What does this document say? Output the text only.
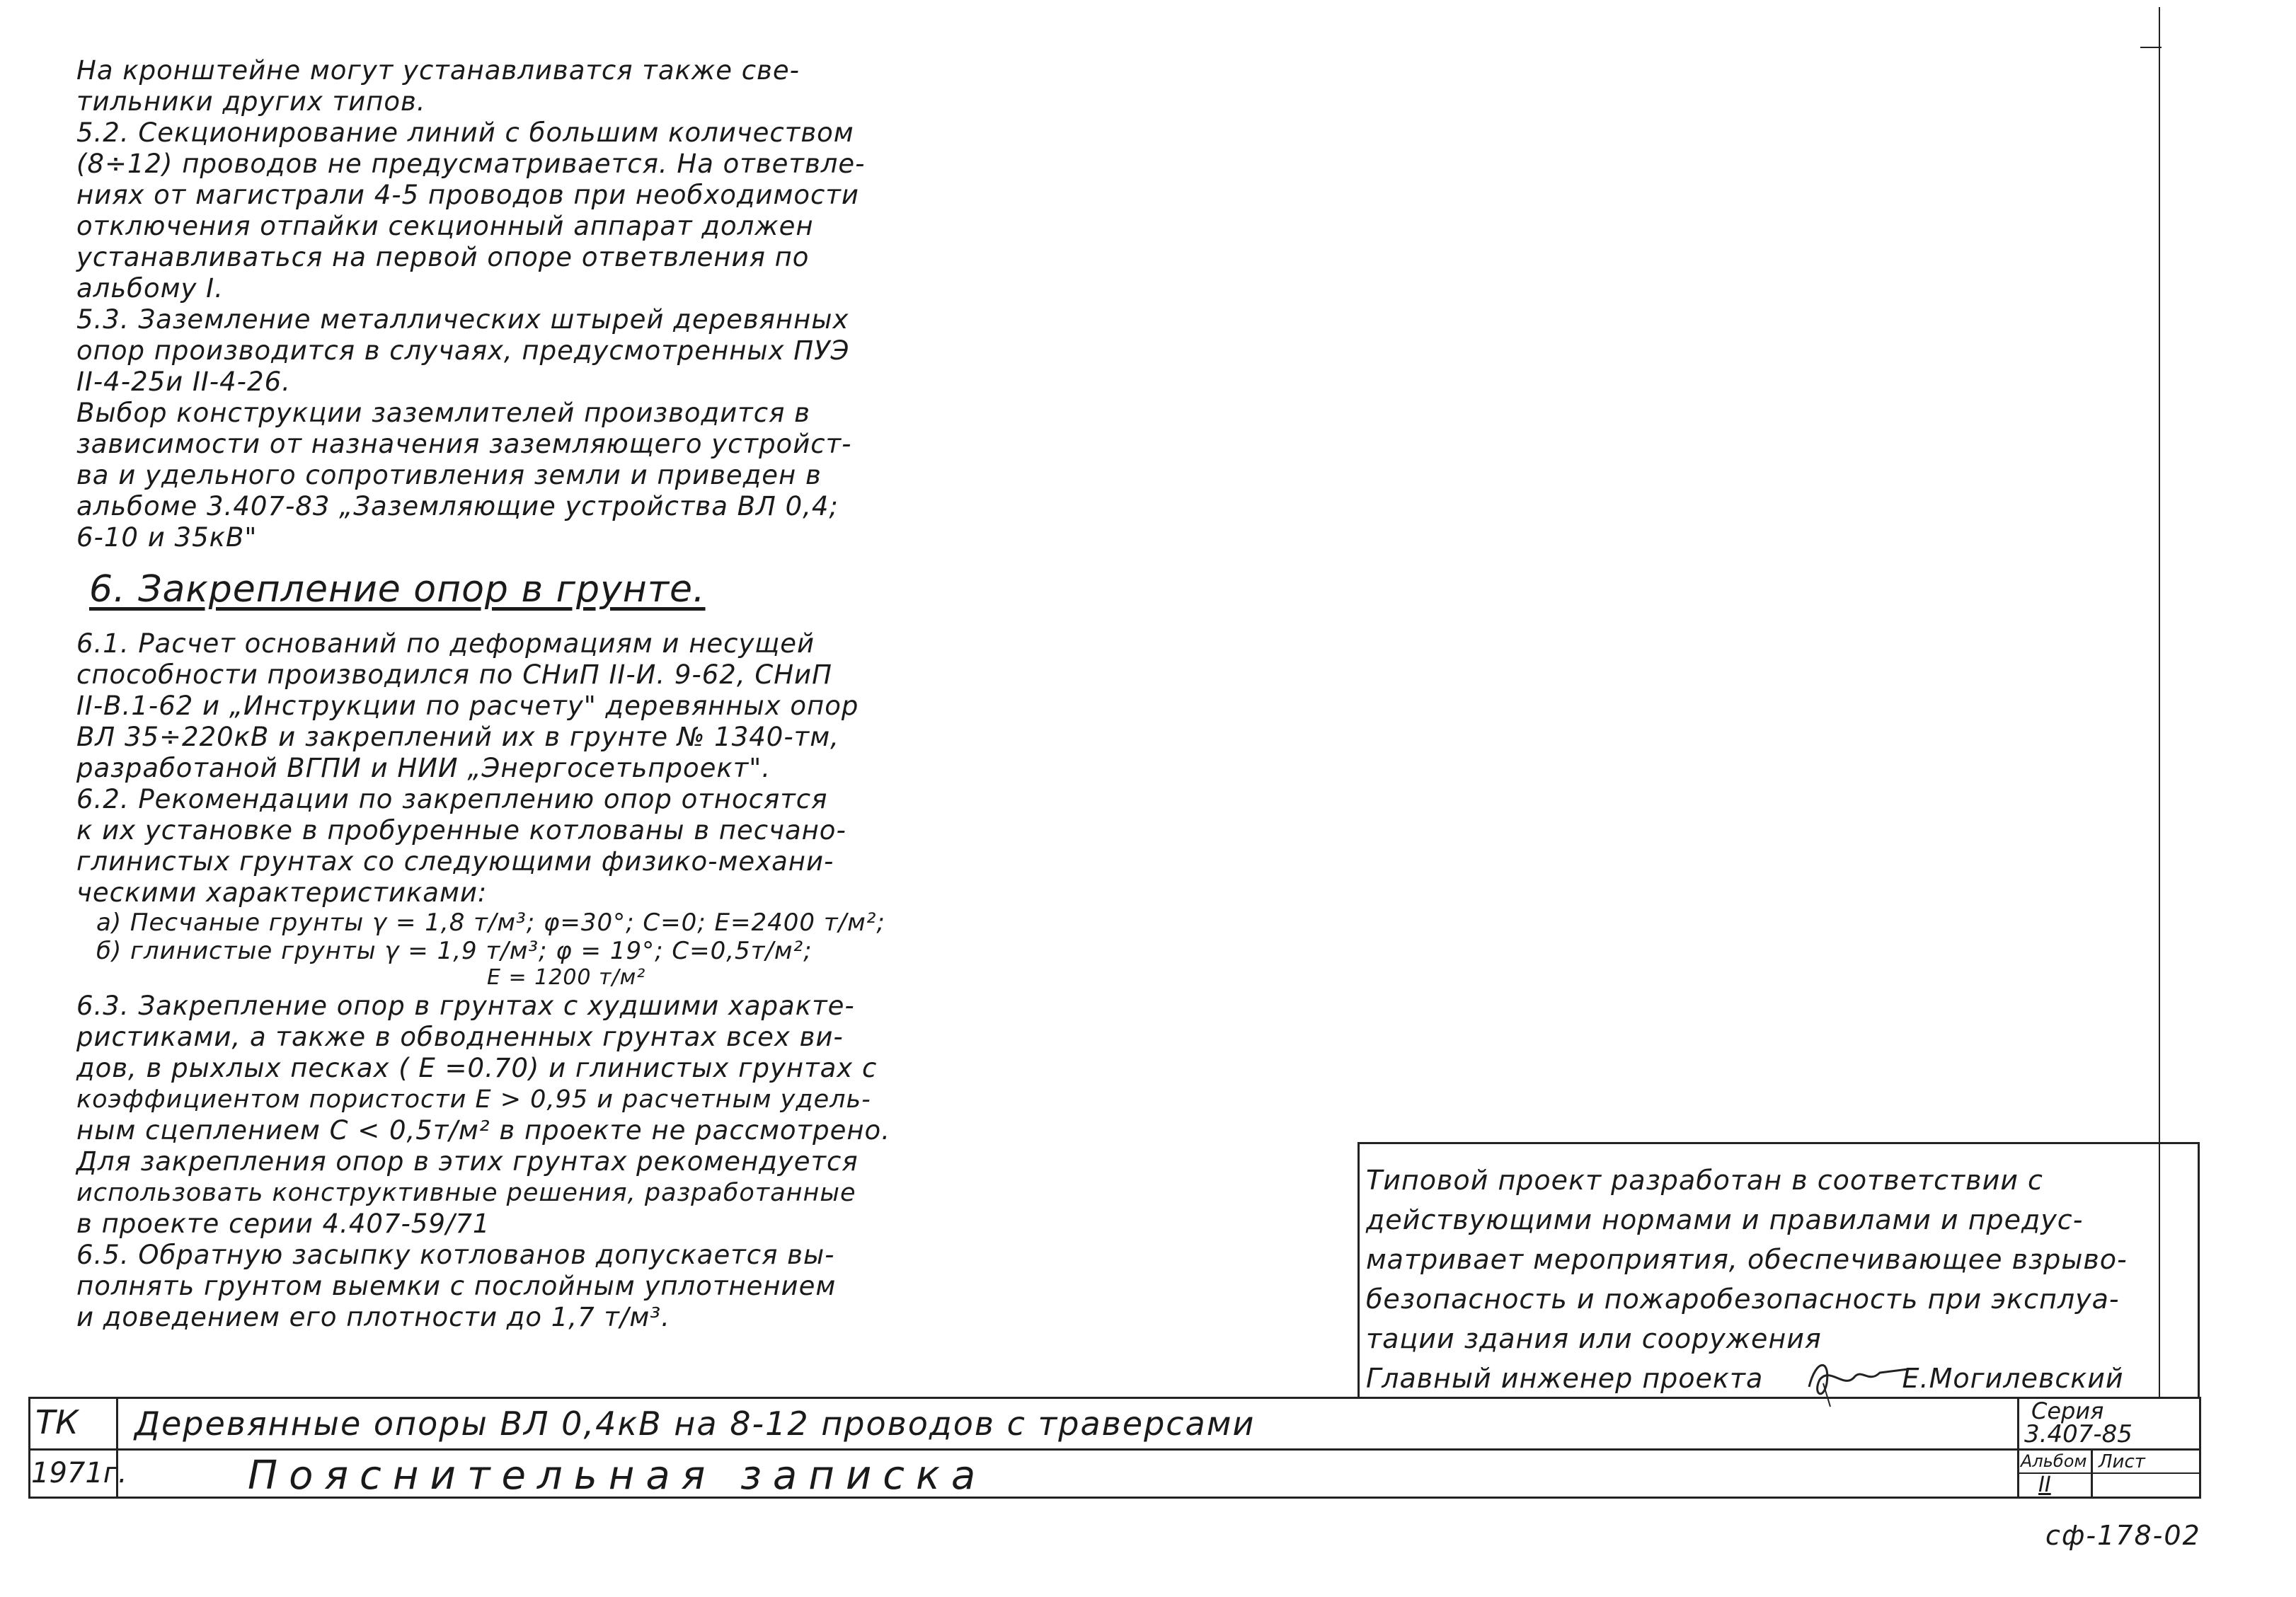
На кронштейне могут устанавливатся также све-
тильники других типов.
5.2. Секционирование линий с большим количеством
(8÷12) проводов не предусматривается. На ответвле-
ниях от магистрали 4-5 проводов при необходимости
отключения отпайки секционный аппарат должен
устанавливаться на первой опоре ответвления по
альбому I.
5.3. Заземление металлических штырей деревянных
опор производится в случаях, предусмотренных ПУЭ
II-4-25и II-4-26.
Выбор конструкции заземлителей производится в
зависимости от назначения заземляющего устройст-
ва и удельного сопротивления земли и приведен в
альбоме 3.407-83 „Заземляющие устройства ВЛ 0,4;
6-10 и 35кВ"
6. Закрепление опор в грунте.
6.1. Расчет оснований по деформациям и несущей
способности производился по СНиП II-И. 9-62, СНиП
II-В.1-62 и „Инструкции по расчету" деревянных опор
ВЛ 35÷220кВ и закреплений их в грунте № 1340-тм,
разработаной ВГПИ и НИИ „Энергосетьпроект".
6.2. Рекомендации по закреплению опор относятся
к их установке в пробуренные котлованы в песчано-
глинистых грунтах со следующими физико-механи-
ческими характеристиками:
а) Песчаные грунты γ = 1,8 т/м³; φ=30°; С=0; Е=2400 т/м²;
б) глинистые грунты γ = 1,9 т/м³; φ = 19°; С=0,5т/м²;
Е = 1200 т/м²
6.3. Закрепление опор в грунтах с худшими характе-
ристиками, а также в обводненных грунтах всех ви-
дов, в рыхлых песках ( Е =0.70) и глинистых грунтах с
коэффициентом пористости Е > 0,95 и расчетным удель-
ным сцеплением С < 0,5т/м² в проекте не рассмотрено.
Для закрепления опор в этих грунтах рекомендуется
использовать конструктивные решения, разработанные
в проекте серии 4.407-59/71
6.5. Обратную засыпку котлованов допускается вы-
полнять грунтом выемки с послойным уплотнением
и доведением его плотности до 1,7 т/м³.
Типовой проект разработан в соответствии с
действующими нормами и правилами и предус-
матривает мероприятия, обеспечивающее взрыво-
безопасность и пожаробезопасность при эксплуа-
тации здания или сооружения
Главный инженер проекта	Е.Могилевский
ТК
1971г.
Деревянные опоры ВЛ 0,4кВ на 8-12 проводов с траверсами
Пояснительная записка
Серия
3.407-85
Альбом
II
Лист
сф-178-02
